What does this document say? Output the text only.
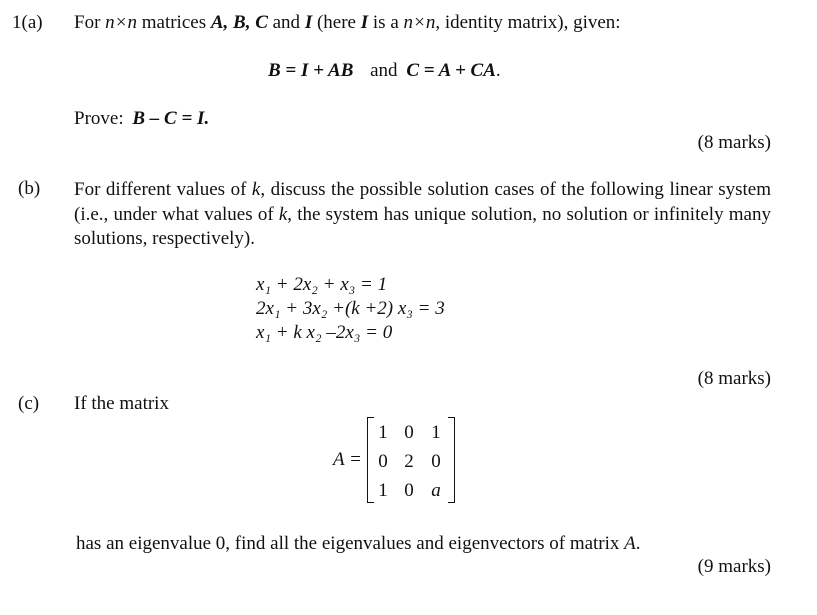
1(a) For n×n matrices A, B, C and I (here I is a n×n, identity matrix), given:
B = I + AB and C = A + CA.
Prove: B – C = I.
(8 marks)
(b) For different values of k, discuss the possible solution cases of the following linear system (i.e., under what values of k, the system has unique solution, no solution or infinitely many solutions, respectively).
x₁ + 2x₂ + x₃ = 1
2x₁ + 3x₂ +(k +2) x₃ = 3
x₁ + k x₂ –2x₃ = 0
(8 marks)
(c) If the matrix
A =
1 0 1
0 2 0
1 0 a
has an eigenvalue 0, find all the eigenvalues and eigenvectors of matrix A.
(9 marks)
